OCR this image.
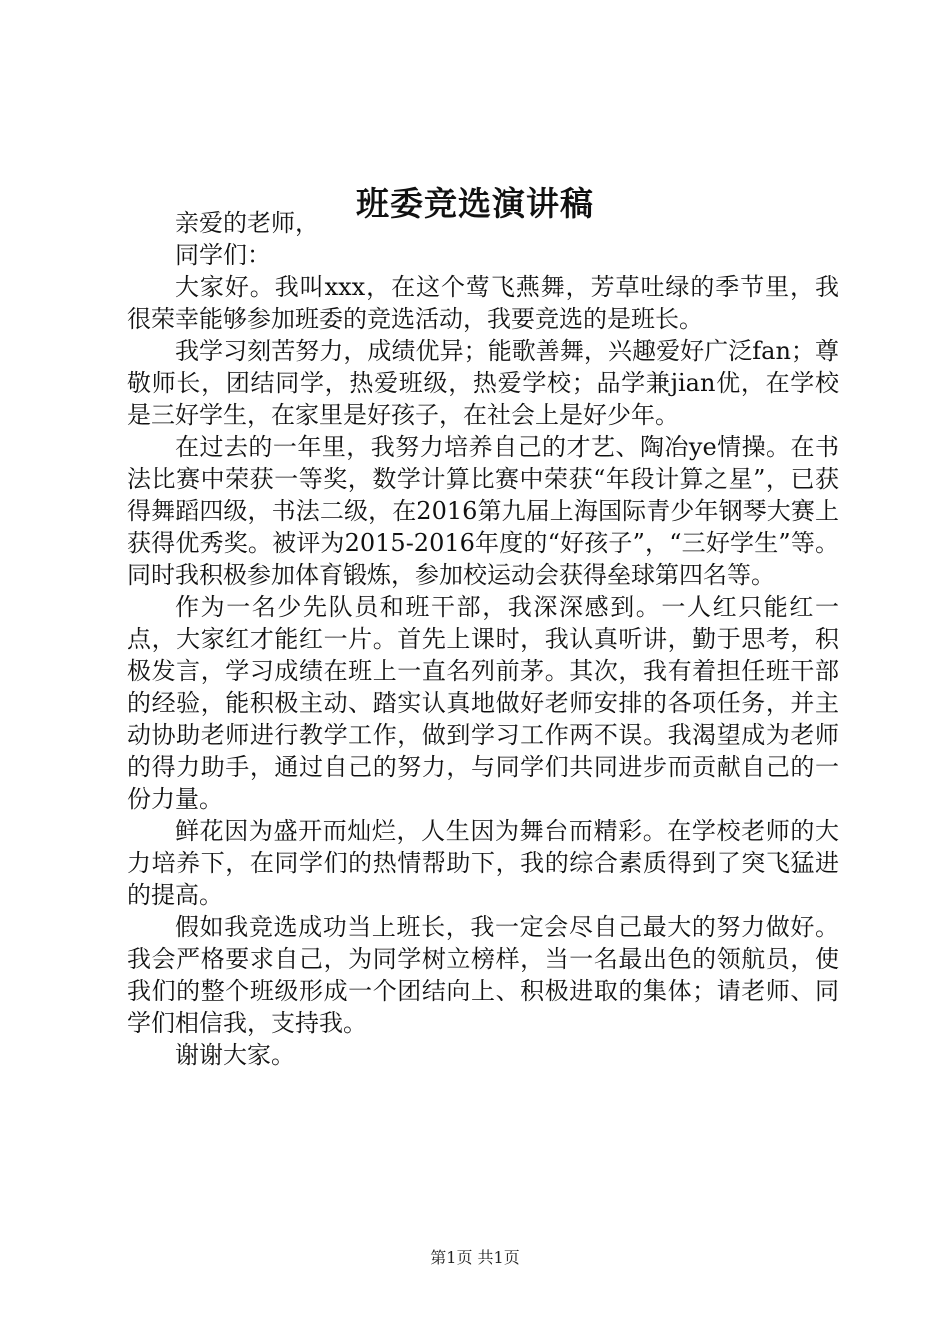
班委竞选演讲稿

亲爱的老师，

同学们：

大家好。我叫xxx，在这个莺飞燕舞，芳草吐绿的季节里，我很荣幸能够参加班委的竞选活动，我要竞选的是班长。

我学习刻苦努力，成绩优异；能歌善舞，兴趣爱好广泛fan；尊敬师长，团结同学，热爱班级，热爱学校；品学兼jian优，在学校是三好学生，在家里是好孩子，在社会上是好少年。

在过去的一年里，我努力培养自己的才艺、陶冶ye情操。在书法比赛中荣获一等奖，数学计算比赛中荣获“年段计算之星”，已获得舞蹈四级，书法二级，在2016第九届上海国际青少年钢琴大赛上获得优秀奖。被评为2015-2016年度的“好孩子”，“三好学生”等。同时我积极参加体育锻炼，参加校运动会获得垒球第四名等。

作为一名少先队员和班干部，我深深感到。一人红只能红一点，大家红才能红一片。首先上课时，我认真听讲，勤于思考，积极发言，学习成绩在班上一直名列前茅。其次，我有着担任班干部的经验，能积极主动、踏实认真地做好老师安排的各项任务，并主动协助老师进行教学工作，做到学习工作两不误。我渴望成为老师的得力助手，通过自己的努力，与同学们共同进步而贡献自己的一份力量。

鲜花因为盛开而灿烂，人生因为舞台而精彩。在学校老师的大力培养下，在同学们的热情帮助下，我的综合素质得到了突飞猛进的提高。

假如我竞选成功当上班长，我一定会尽自己最大的努力做好。我会严格要求自己，为同学树立榜样，当一名最出色的领航员，使我们的整个班级形成一个团结向上、积极进取的集体；请老师、同学们相信我，支持我。

谢谢大家。

第1页 共1页
